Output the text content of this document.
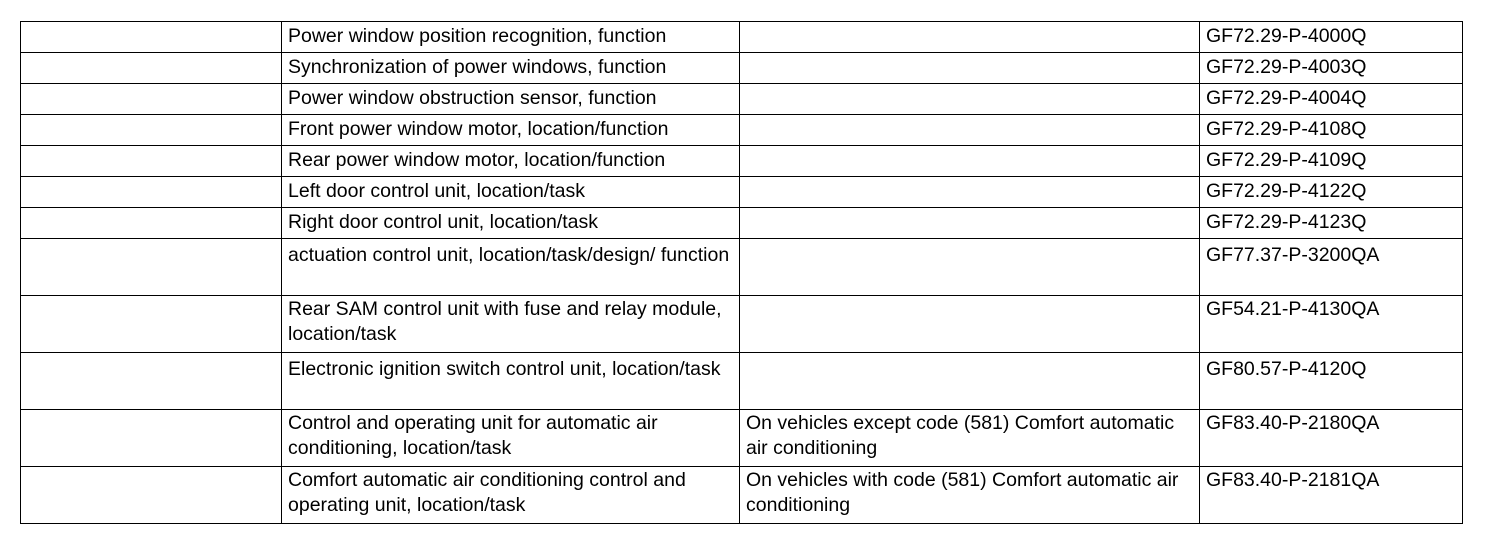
	Power window position recognition, function		GF72.29-P-4000Q
	Synchronization of power windows, function		GF72.29-P-4003Q
	Power window obstruction sensor, function		GF72.29-P-4004Q
	Front power window motor, location/function		GF72.29-P-4108Q
	Rear power window motor, location/function		GF72.29-P-4109Q
	Left door control unit, location/task		GF72.29-P-4122Q
	Right door control unit, location/task		GF72.29-P-4123Q
	actuation control unit, location/task/design/ function		GF77.37-P-3200QA
	Rear SAM control unit with fuse and relay module, location/task		GF54.21-P-4130QA
	Electronic ignition switch control unit, location/task		GF80.57-P-4120Q
	Control and operating unit for automatic air conditioning, location/task	On vehicles except code (581) Comfort automatic air conditioning	GF83.40-P-2180QA
	Comfort automatic air conditioning control and operating unit, location/task	On vehicles with code (581) Comfort automatic air conditioning	GF83.40-P-2181QA
